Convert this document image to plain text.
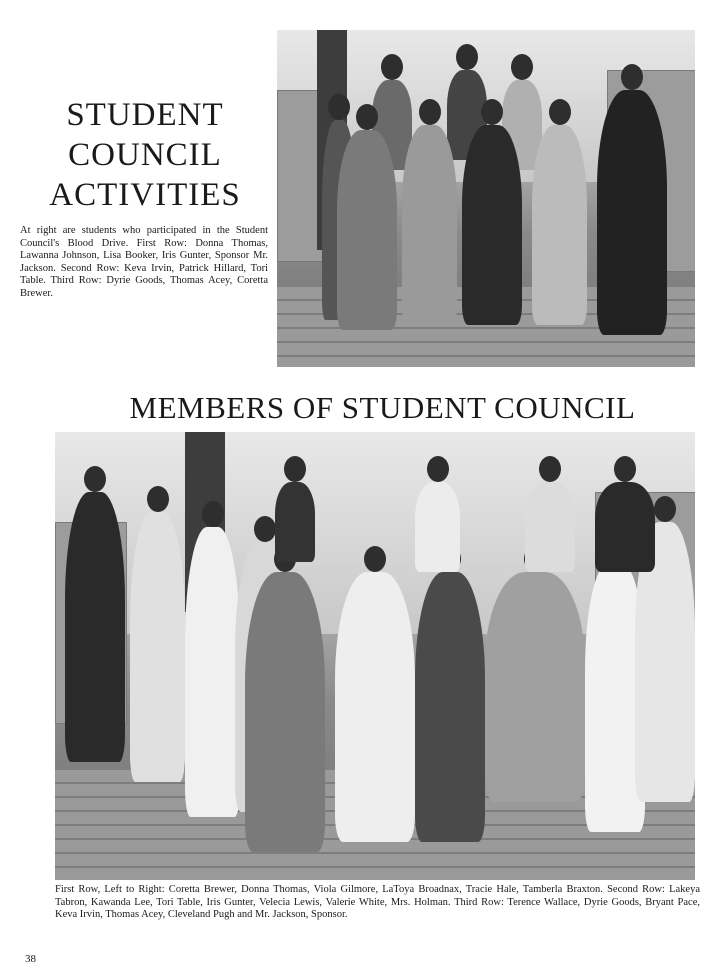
STUDENT
COUNCIL
ACTIVITIES
At right are students who participated in the Student Council's Blood Drive. First Row: Donna Thomas, Lawanna Johnson, Lisa Booker, Iris Gunter, Sponsor Mr. Jackson. Second Row: Keva Irvin, Patrick Hillard, Tori Table. Third Row: Dyrie Goods, Thomas Acey, Coretta Brewer.
MEMBERS OF STUDENT COUNCIL
First Row, Left to Right: Coretta Brewer, Donna Thomas, Viola Gilmore, LaToya Broadnax, Tracie Hale, Tamberla Braxton. Second Row: Lakeya Tabron, Kawanda Lee, Tori Table, Iris Gunter, Velecia Lewis, Valerie White, Mrs. Holman. Third Row: Terence Wallace, Dyrie Goods, Bryant Pace, Keva Irvin, Thomas Acey, Cleveland Pugh and Mr. Jackson, Sponsor.
38
